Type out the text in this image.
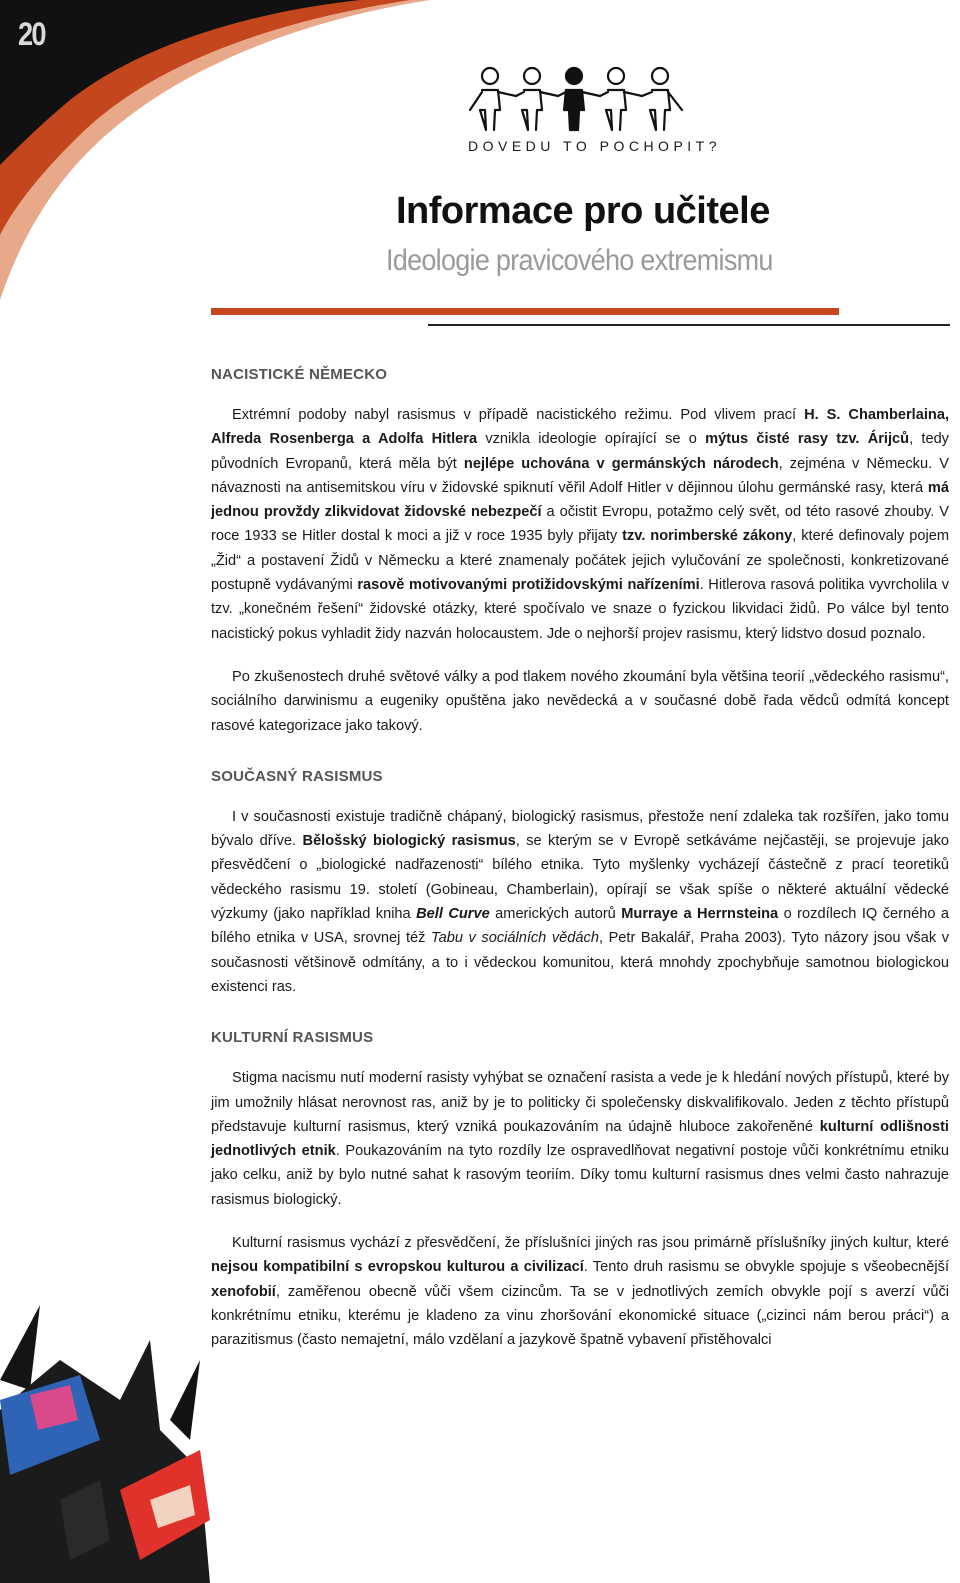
20
DOVEDU TO POCHOPIT?
Informace pro učitele
Ideologie pravicového extremismu
NACISTICKÉ NĚMECKO

Extrémní podoby nabyl rasismus v případě nacistického režimu. Pod vlivem prací H. S. Chamberlaina, Alfreda Rosenberga a Adolfa Hitlera vznikla ideologie opírající se o mýtus čisté rasy tzv. Árijců, tedy původních Evropanů, která měla být nejlépe uchována v germánských národech, zejména v Německu. V návaznosti na antisemitskou víru v židovské spiknutí věřil Adolf Hitler v dějinnou úlohu germánské rasy, která má jednou provždy zlikvidovat židovské nebezpečí a očistit Evropu, potažmo celý svět, od této rasové zhouby. V roce 1933 se Hitler dostal k moci a již v roce 1935 byly přijaty tzv. norimberské zákony, které definovaly pojem „Žid“ a postavení Židů v Německu a které znamenaly počátek jejich vylučování ze společnosti, konkretizované postupně vydávanými rasově motivovanými protižidovskými nařízeními. Hitlerova rasová politika vyvrcholila v tzv. „konečném řešení“ židovské otázky, které spočívalo ve snaze o fyzickou likvidaci židů. Po válce byl tento nacistický pokus vyhladit židy nazván holocaustem. Jde o nejhorší projev rasismu, který lidstvo dosud poznalo.

Po zkušenostech druhé světové války a pod tlakem nového zkoumání byla většina teorií „vědeckého rasismu“, sociálního darwinismu a eugeniky opuštěna jako nevědecká a v současné době řada vědců odmítá koncept rasové kategorizace jako takový.

SOUČASNÝ RASISMUS

I v současnosti existuje tradičně chápaný, biologický rasismus, přestože není zdaleka tak rozšířen, jako tomu bývalo dříve. Bělošský biologický rasismus, se kterým se v Evropě setkáváme nejčastěji, se projevuje jako přesvědčení o „biologické nadřazenosti“ bílého etnika. Tyto myšlenky vycházejí částečně z prací teoretiků vědeckého rasismu 19. století (Gobineau, Chamberlain), opírají se však spíše o některé aktuální vědecké výzkumy (jako například kniha Bell Curve amerických autorů Murraye a Herrnsteina o rozdílech IQ černého a bílého etnika v USA, srovnej též Tabu v sociálních vědách, Petr Bakalář, Praha 2003). Tyto názory jsou však v současnosti většinově odmítány, a to i vědeckou komunitou, která mnohdy zpochybňuje samotnou biologickou existenci ras.

KULTURNÍ RASISMUS

Stigma nacismu nutí moderní rasisty vyhýbat se označení rasista a vede je k hledání nových přístupů, které by jim umožnily hlásat nerovnost ras, aniž by je to politicky či společensky diskvalifikovalo. Jeden z těchto přístupů představuje kulturní rasismus, který vzniká poukazováním na údajně hluboce zakořeněné kulturní odlišnosti jednotlivých etnik. Poukazováním na tyto rozdíly lze ospravedlňovat negativní postoje vůči konkrétnímu etniku jako celku, aniž by bylo nutné sahat k rasovým teoriím. Díky tomu kulturní rasismus dnes velmi často nahrazuje rasismus biologický.

Kulturní rasismus vychází z přesvědčení, že příslušníci jiných ras jsou primárně příslušníky jiných kultur, které nejsou kompatibilní s evropskou kulturou a civilizací. Tento druh rasismu se obvykle spojuje s všeobecnější xenofobií, zaměřenou obecně vůči všem cizincům. Ta se v jednotlivých zemích obvykle pojí s averzí vůči konkrétnímu etniku, kterému je kladeno za vinu zhoršování ekonomické situace („cizinci nám berou práci“) a parazitismus (často nemajetní, málo vzdělaní a jazykově špatně vybavení přistěhovalci
